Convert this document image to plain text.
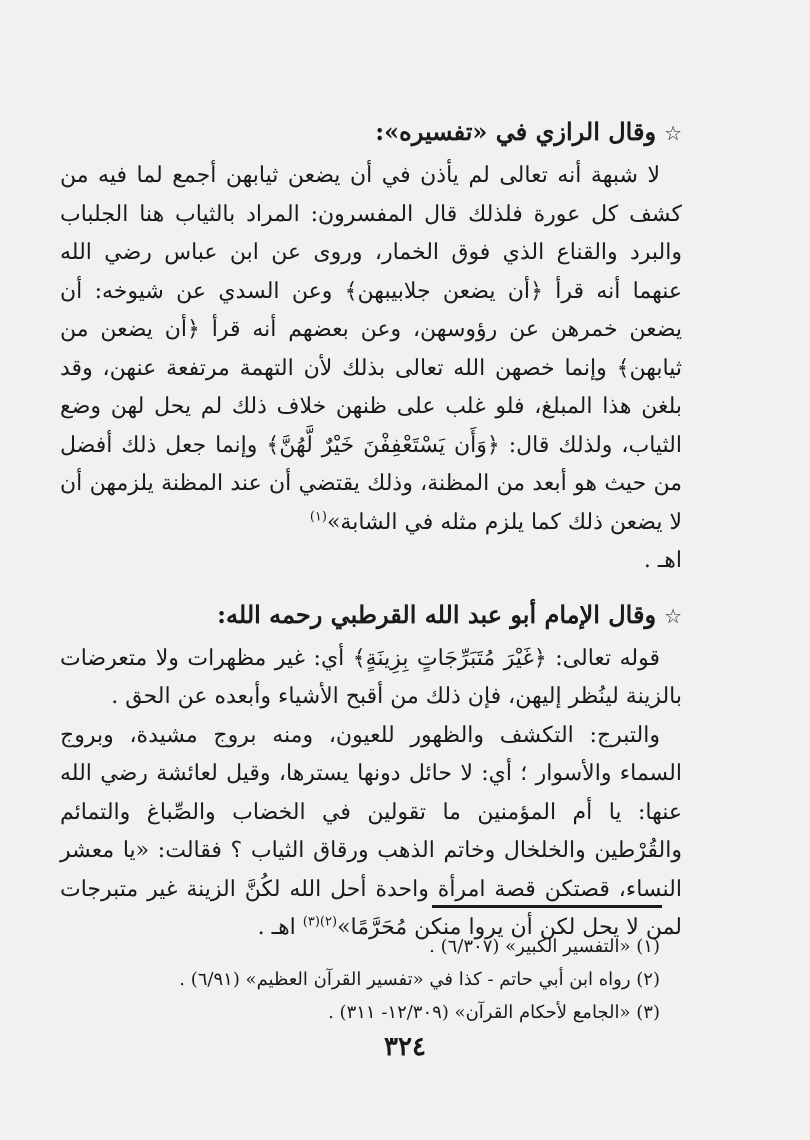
☆وقال الرازي في «تفسيره»:

لا شبهة أنه تعالى لم يأذن في أن يضعن ثيابهن أجمع لما فيه من كشف كل عورة فلذلك قال المفسرون: المراد بالثياب هنا الجلباب والبرد والقناع الذي فوق الخمار، وروى عن ابن عباس رضي الله عنهما أنه قرأ ﴿أن يضعن جلابيبهن﴾ وعن السدي عن شيوخه: أن يضعن خمرهن عن رؤوسهن، وعن بعضهم أنه قرأ ﴿أن يضعن من ثيابهن﴾ وإنما خصهن الله تعالى بذلك لأن التهمة مرتفعة عنهن، وقد بلغن هذا المبلغ، فلو غلب على ظنهن خلاف ذلك لم يحل لهن وضع الثياب، ولذلك قال: ﴿وَأَن يَسْتَعْفِفْنَ خَيْرٌ لَّهُنَّ﴾ وإنما جعل ذلك أفضل من حيث هو أبعد من المظنة، وذلك يقتضي أن عند المظنة يلزمهن أن لا يضعن ذلك كما يلزم مثله في الشابة»$^{(١)}$

اهـ .

☆وقال الإمام أبو عبد الله القرطبي رحمه الله:

قوله تعالى: ﴿غَيْرَ مُتَبَرِّجَاتٍ بِزِينَةٍ﴾ أي: غير مظهرات ولا متعرضات بالزينة لينُظر إليهن، فإن ذلك من أقبح الأشياء وأبعده عن الحق .

والتبرج: التكشف والظهور للعيون، ومنه بروج مشيدة، وبروج السماء والأسوار ؛ أي: لا حائل دونها يسترها، وقيل لعائشة رضي الله عنها: يا أم المؤمنين ما تقولين في الخضاب والصِّباغ والتمائم والقُرْطين والخلخال وخاتم الذهب ورقاق الثياب ؟ فقالت: «يا معشر النساء، قصتكن قصة امرأة واحدة أحل الله لكُنَّ الزينة غير متبرجات لمن لا يحل لكن أن يروا منكن مُحَرَّمًا»$^{(٢)(٣)}$ اهـ .

(١) «التفسير الكبير» (٦/٣٠٧) .
(٢) رواه ابن أبي حاتم - كذا في «تفسير القرآن العظيم» (٦/٩١) .
(٣) «الجامع لأحكام القرآن» (١٢/٣٠٩- ٣١١) .
٣٢٤
